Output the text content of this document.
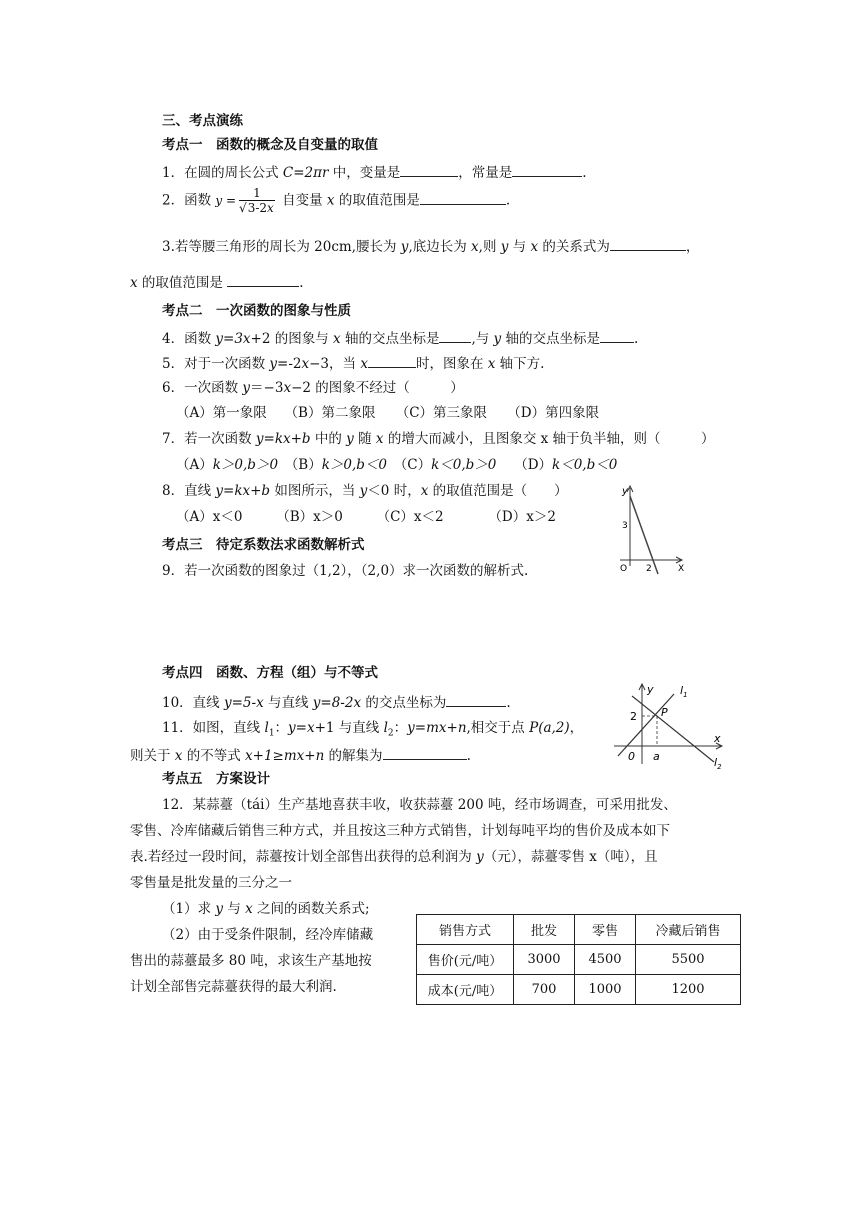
三、考点演练
考点一　函数的概念及自变量的取值
1．在圆的周长公式 C=2πr 中，变量是	，常量是	.
2．函数 $y = \frac{1}{√3-2x}$ 自变量 x 的取值范围是	.
3.若等腰三角形的周长为 20cm,腰长为 y,底边长为 x,则 y 与 x 的关系式为	，
x 的取值范围是	.
考点二　一次函数的图象与性质
4．函数 y=3x+2 的图象与 x 轴的交点坐标是 ,与 y 轴的交点坐标是	.
5．对于一次函数 y=-2x−3，当 x	时，图象在 x 轴下方.
6．一次函数 y＝−3x−2 的图象不经过（　　　）
（A）第一象限　 （B）第二象限　　（C）第三象限　　（D）第四象限
7．若一次函数 y=kx+b 中的 y 随 x 的增大而减小，且图象交 x 轴于负半轴，则（　　　）
（A）k＞0,b＞0　（B）k＞0,b＜0　（C）k＜0,b＞0　 （D）k＜0,b＜0
8．直线 y=kx+b 如图所示，当 y＜0 时，x 的取值范围是（　　）
（A）x＜0　　　（B）x＞0　　　（C）x＜2　　　 （D）x＞2
y
X
O
3
2
考点三　待定系数法求函数解析式
9．若一次函数的图象过（1,2），（2,0）求一次函数的解析式.
考点四　函数、方程（组）与不等式
10．直线 y=5-x 与直线 y=8-2x 的交点坐标为	.
11．如图，直线 $l_1$：y=x+1 与直线 $l_2$：y=mx+n,相交于点 P(a,2)，
则关于 x 的不等式 x+1≥mx+n 的解集为	.
y
x
0 a
2 P
$l_1$
$l_2$
考点五　方案设计
12．某蒜薹（tái）生产基地喜获丰收，收获蒜薹 200 吨，经市场调查，可采用批发、
零售、冷库储藏后销售三种方式，并且按这三种方式销售，计划每吨平均的售价及成本如下
表.若经过一段时间，蒜薹按计划全部售出获得的总利润为 y（元），蒜薹零售 x（吨），且
零售量是批发量的三分之一
（1）求 y 与 x 之间的函数关系式;
（2）由于受条件限制，经冷库储藏
售出的蒜薹最多 80 吨，求该生产基地按
计划全部售完蒜薹获得的最大利润.
销售方式	批发	零售	冷藏后销售
售价(元/吨）	3000	4500	5500
成本(元/吨）	700	1000	1200
